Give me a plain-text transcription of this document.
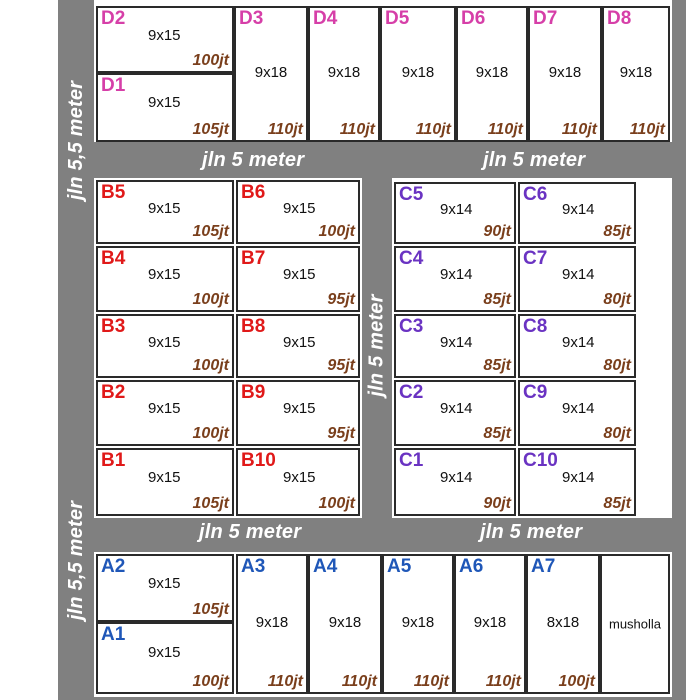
D2
9x15
100jt
D1
9x15
105jt
D3
9x18
110jt
D4
9x18
110jt
D5
9x18
110jt
D6
9x18
110jt
D7
9x18
110jt
D8
9x18
110jt
B5
9x15
105jt
B4
9x15
100jt
B3
9x15
100jt
B2
9x15
100jt
B1
9x15
105jt
B6
9x15
100jt
B7
9x15
95jt
B8
9x15
95jt
B9
9x15
95jt
B10
9x15
100jt
C5
9x14
90jt
C4
9x14
85jt
C3
9x14
85jt
C2
9x14
85jt
C1
9x14
90jt
C6
9x14
85jt
C7
9x14
80jt
C8
9x14
80jt
C9
9x14
80jt
C10
9x14
85jt
A2
9x15
105jt
A1
9x15
100jt
A3
9x18
110jt
A4
9x18
110jt
A5
9x18
110jt
A6
9x18
110jt
A7
8x18
100jt
musholla
jln 5,5 meter
jln 5,5 meter
jln 5 meter	jln 5 meter
jln 5 meter
jln 5 meter	jln 5 meter
